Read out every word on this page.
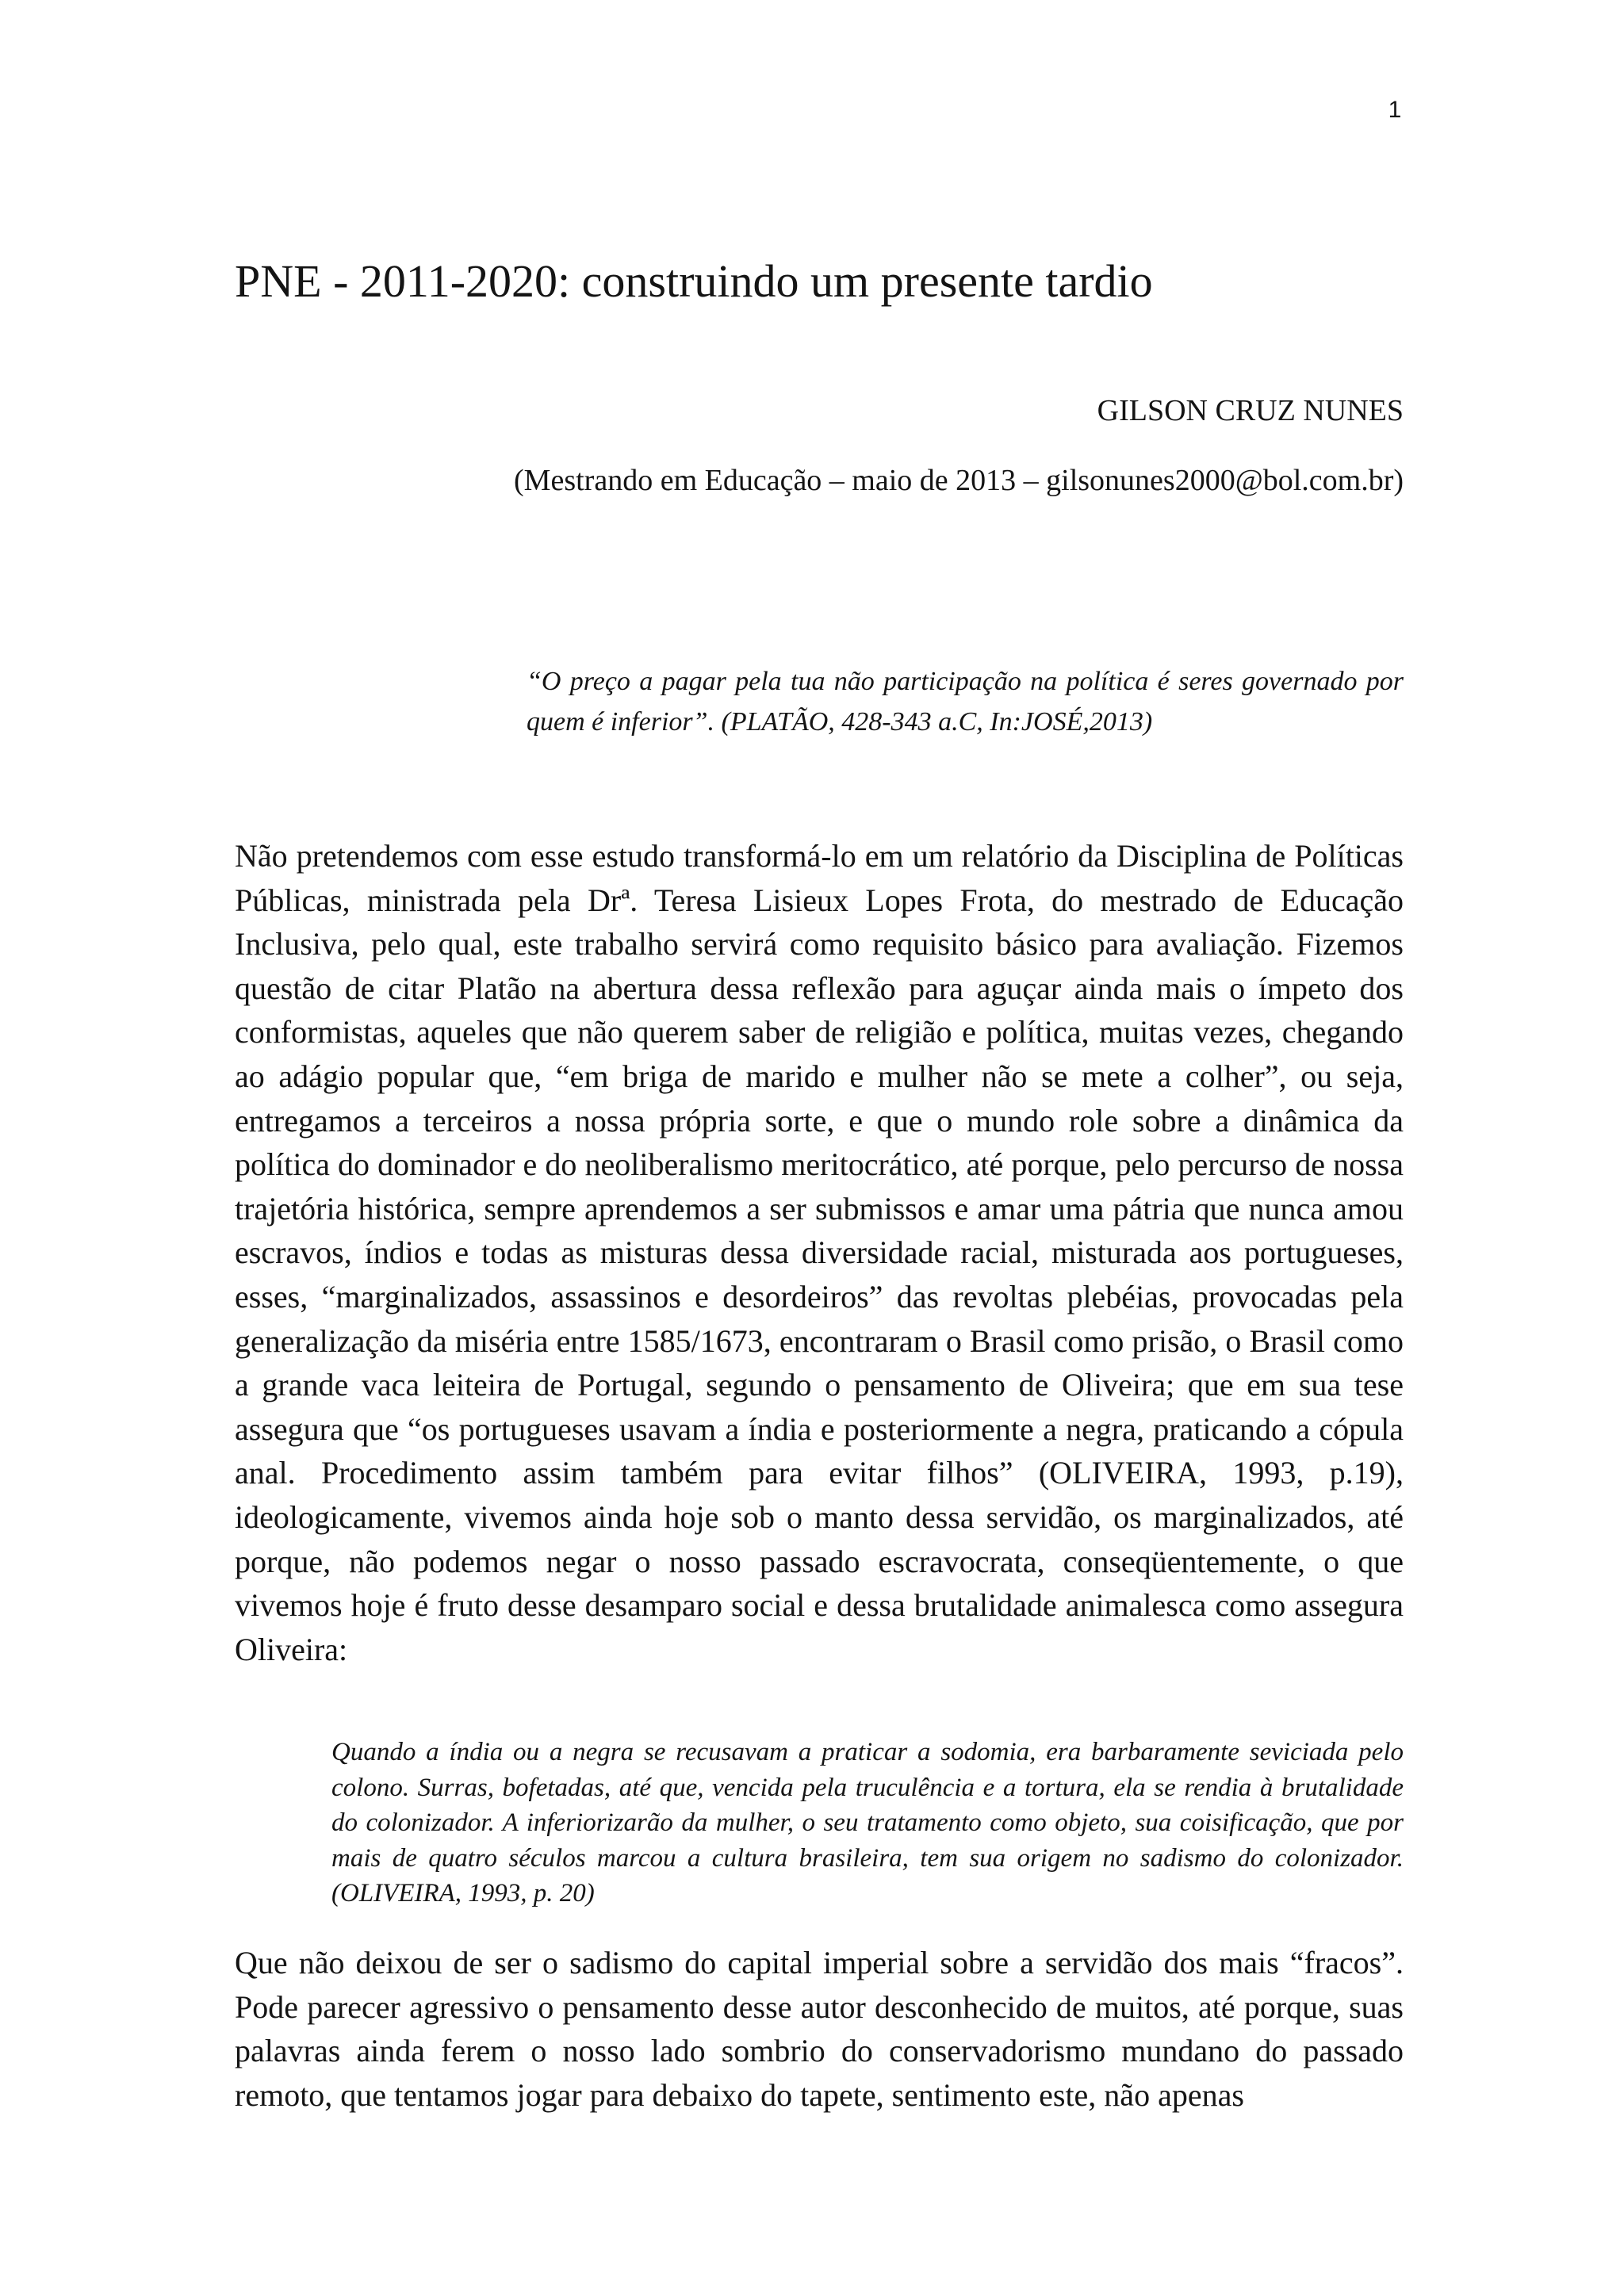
1
PNE - 2011-2020: construindo um presente tardio
GILSON CRUZ NUNES
(Mestrando em Educação – maio de 2013 – gilsonunes2000@bol.com.br)

“O preço a pagar pela tua não participação na política é seres governado por quem é inferior”. (PLATÃO, 428-343 a.C, In:JOSÉ,2013)

Não pretendemos com esse estudo transformá-lo em um relatório da Disciplina de Políticas Públicas, ministrada pela Drª. Teresa Lisieux Lopes Frota, do mestrado de Educação Inclusiva, pelo qual, este trabalho servirá como requisito básico para avaliação. Fizemos questão de citar Platão na abertura dessa reflexão para aguçar ainda mais o ímpeto dos conformistas, aqueles que não querem saber de religião e política, muitas vezes, chegando ao adágio popular que, “em briga de marido e mulher não se mete a colher”, ou seja, entregamos a terceiros a nossa própria sorte, e que o mundo role sobre a dinâmica da política do dominador e do neoliberalismo meritocrático, até porque, pelo percurso de nossa trajetória histórica, sempre aprendemos a ser submissos e amar uma pátria que nunca amou escravos, índios e todas as misturas dessa diversidade racial, misturada aos portugueses, esses, “marginalizados, assassinos e desordeiros” das revoltas plebéias, provocadas pela generalização da miséria entre 1585/1673, encontraram o Brasil como prisão, o Brasil como a grande vaca leiteira de Portugal, segundo o pensamento de Oliveira; que em sua tese assegura que “os portugueses usavam a índia e posteriormente a negra, praticando a cópula anal. Procedimento assim também para evitar filhos” (OLIVEIRA, 1993, p.19), ideologicamente, vivemos ainda hoje sob o manto dessa servidão, os marginalizados, até porque, não podemos negar o nosso passado escravocrata, conseqüentemente, o que vivemos hoje é fruto desse desamparo social e dessa brutalidade animalesca como assegura Oliveira:

Quando a índia ou a negra se recusavam a praticar a sodomia, era barbaramente seviciada pelo colono. Surras, bofetadas, até que, vencida pela truculência e a tortura, ela se rendia à brutalidade do colonizador. A inferiorizarão da mulher, o seu tratamento como objeto, sua coisificação, que por mais de quatro séculos marcou a cultura brasileira, tem sua origem no sadismo do colonizador. (OLIVEIRA, 1993, p. 20)

Que não deixou de ser o sadismo do capital imperial sobre a servidão dos mais “fracos”. Pode parecer agressivo o pensamento desse autor desconhecido de muitos, até porque, suas palavras ainda ferem o nosso lado sombrio do conservadorismo mundano do passado remoto, que tentamos jogar para debaixo do tapete, sentimento este, não apenas
